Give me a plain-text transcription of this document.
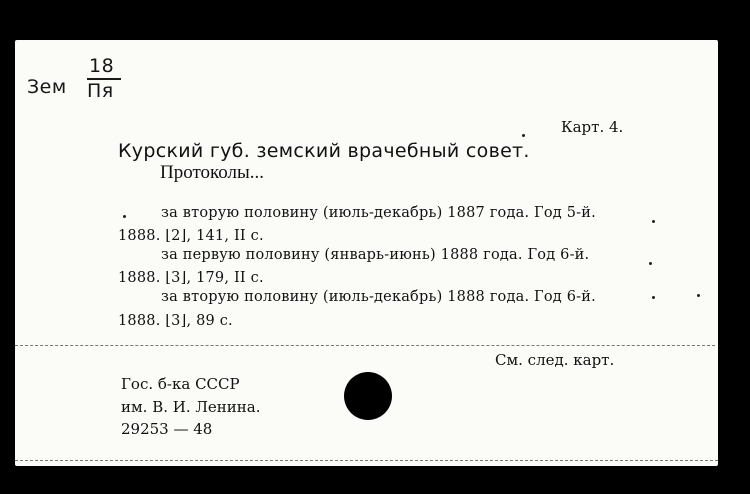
Зем
18
Пя
Карт. 4.
Курский губ. земский врачебный совет.
Протоколы...
за вторую половину (июль-декабрь) 1887 года. Год 5-й.
1888. ⌊2⌋, 141, II с.
за первую половину (январь-июнь) 1888 года. Год 6-й.
1888. ⌊3⌋, 179, II с.
за вторую половину (июль-декабрь) 1888 года. Год 6-й.
1888. ⌊3⌋, 89 с.
См. след. карт.
Гос. б-ка СССР
им. В. И. Ленина.
29253 — 48
